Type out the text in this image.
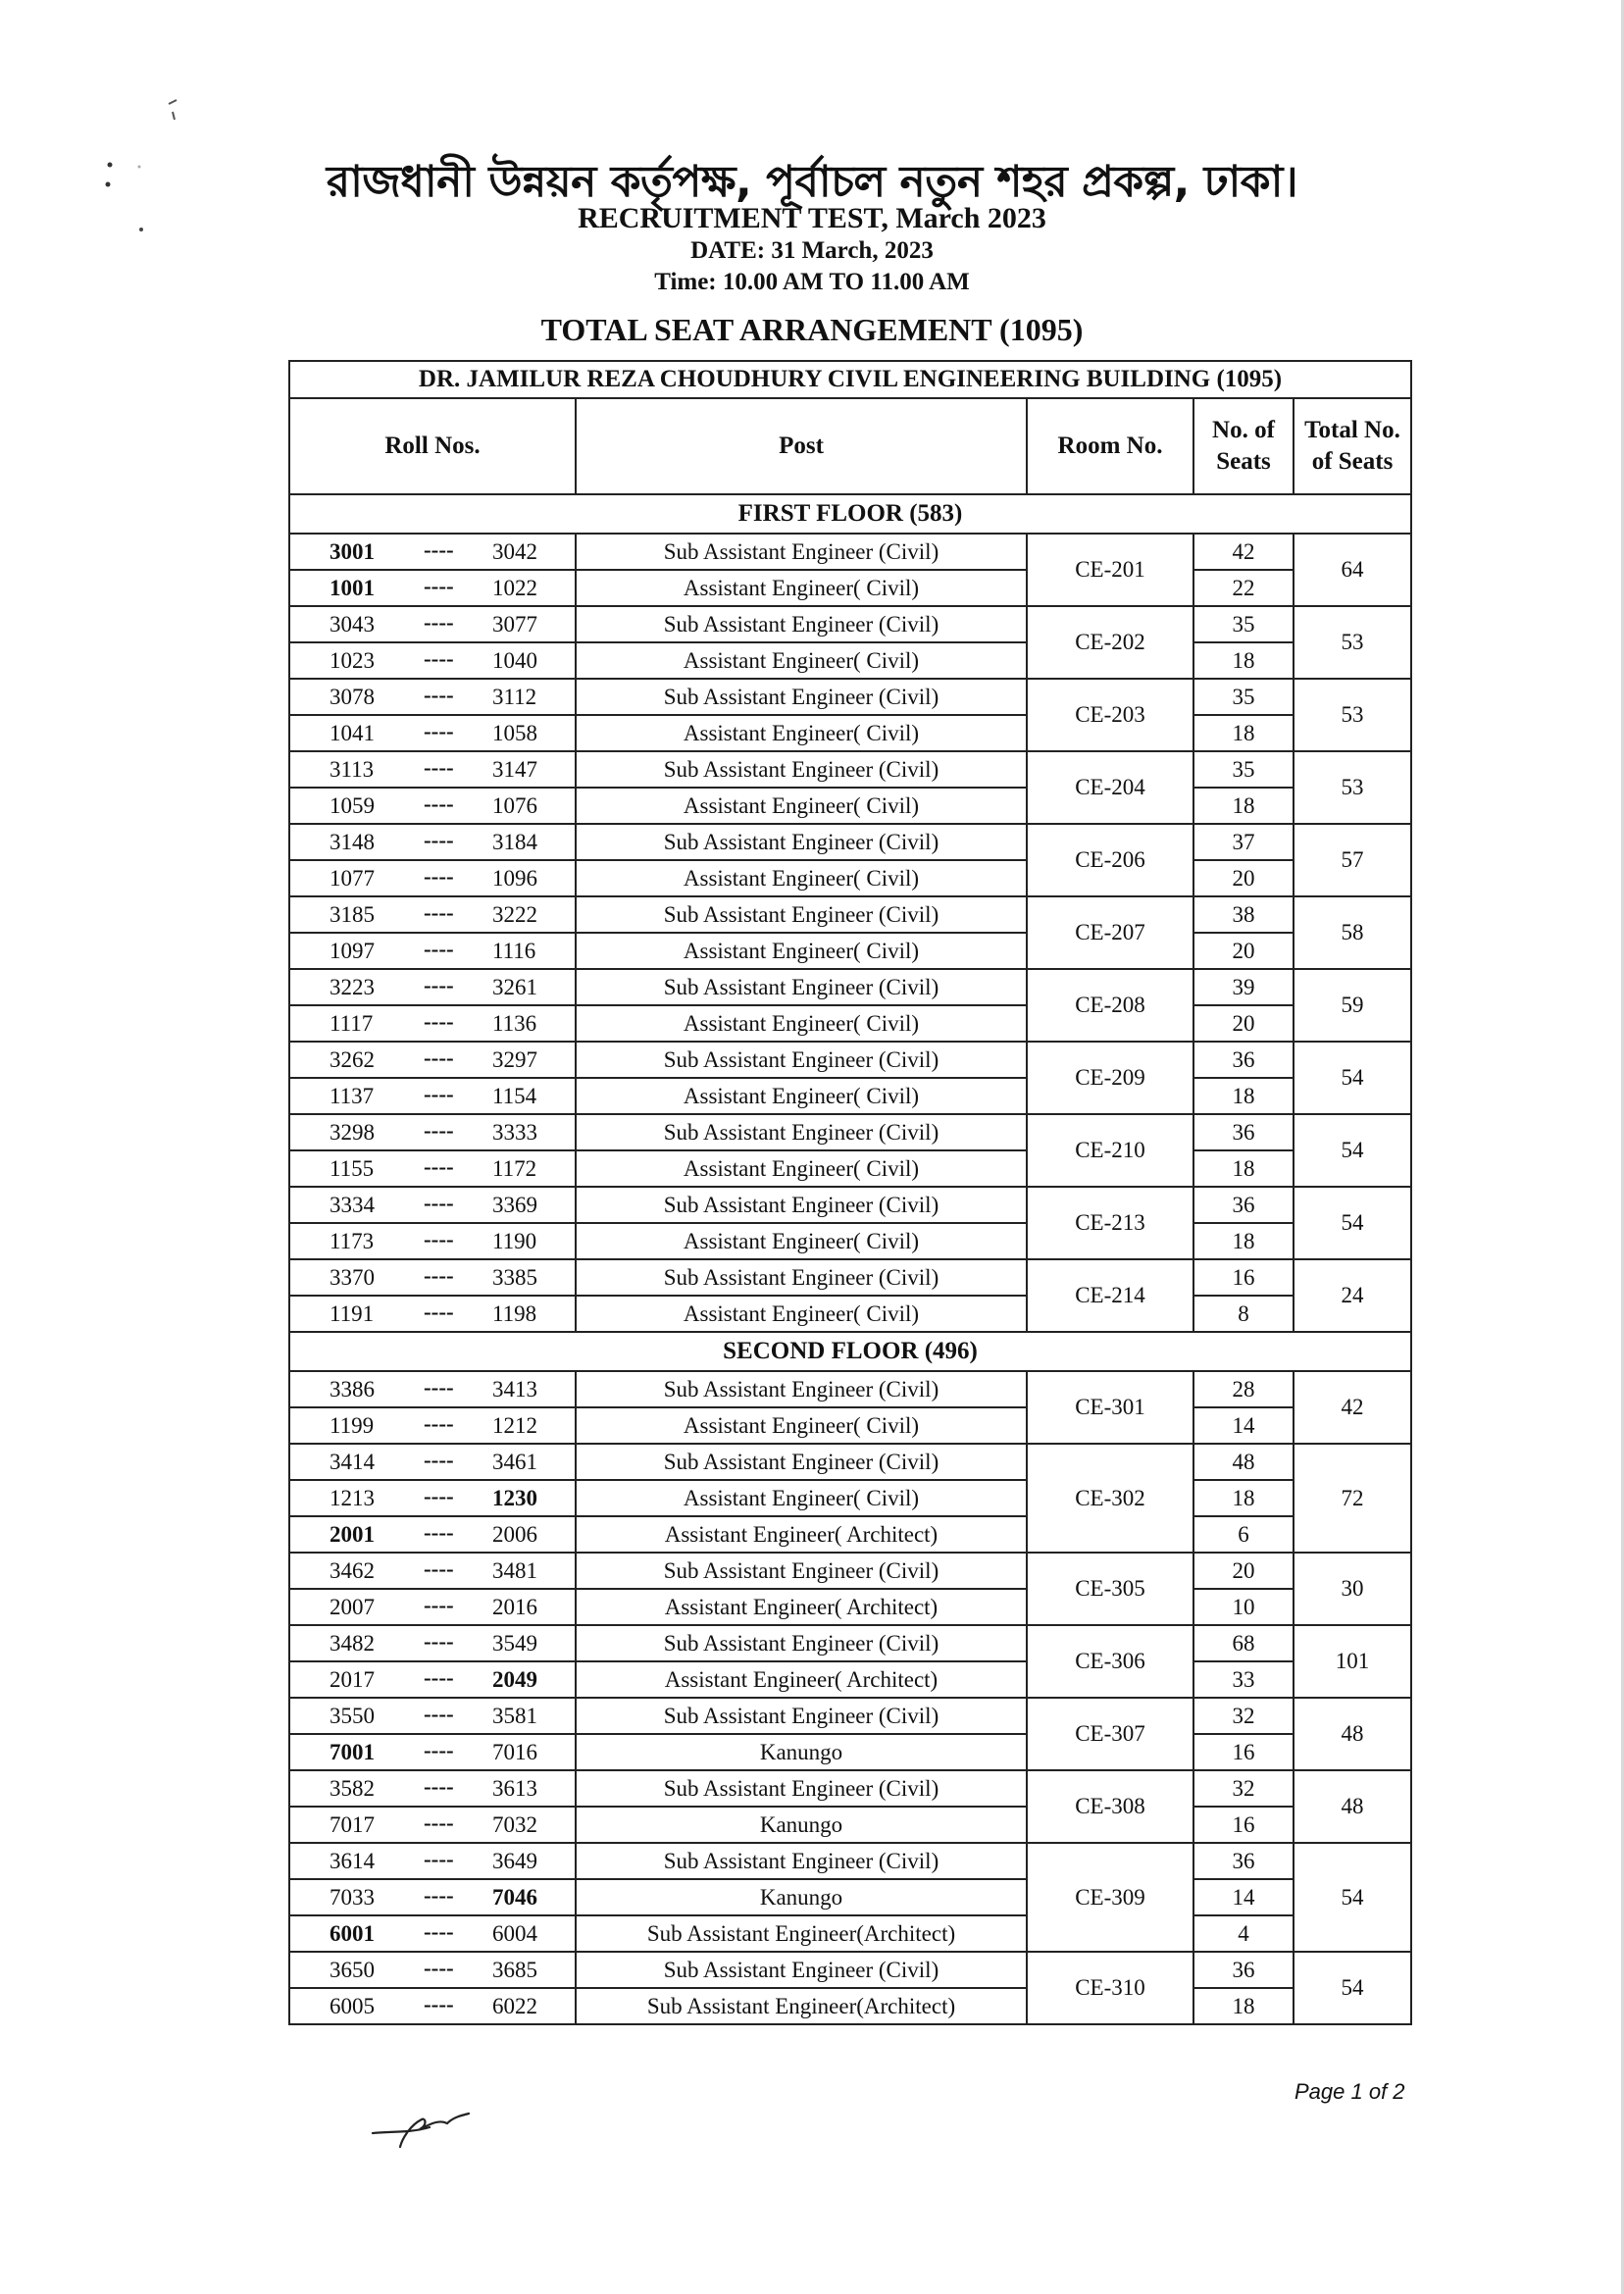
রাজধানী উন্নয়ন কর্তৃপক্ষ, পূর্বাচল নতুন শহর প্রকল্প, ঢাকা।
RECRUITMENT TEST, March 2023
DATE: 31 March, 2023
Time: 10.00 AM TO 11.00 AM
TOTAL SEAT ARRANGEMENT (1095)
DR. JAMILUR REZA CHOUDHURY CIVIL ENGINEERING BUILDING (1095)				
Roll Nos.	Post	Room No.	No. of Seats	Total No. of Seats
FIRST FLOOR (583)				

3001 ---- 3042	Sub Assistant Engineer (Civil)	CE-201	42	64

1001 ---- 1022	Assistant Engineer( Civil)		22	

3043 ---- 3077	Sub Assistant Engineer (Civil)	CE-202	35	53

1023 ---- 1040	Assistant Engineer( Civil)		18	

3078 ---- 3112	Sub Assistant Engineer (Civil)	CE-203	35	53

1041 ---- 1058	Assistant Engineer( Civil)		18	

3113 ---- 3147	Sub Assistant Engineer (Civil)	CE-204	35	53

1059 ---- 1076	Assistant Engineer( Civil)		18	

3148 ---- 3184	Sub Assistant Engineer (Civil)	CE-206	37	57

1077 ---- 1096	Assistant Engineer( Civil)		20	

3185 ---- 3222	Sub Assistant Engineer (Civil)	CE-207	38	58

1097 ---- 1116	Assistant Engineer( Civil)		20	

3223 ---- 3261	Sub Assistant Engineer (Civil)	CE-208	39	59

1117 ---- 1136	Assistant Engineer( Civil)		20	

3262 ---- 3297	Sub Assistant Engineer (Civil)	CE-209	36	54

1137 ---- 1154	Assistant Engineer( Civil)		18	

3298 ---- 3333	Sub Assistant Engineer (Civil)	CE-210	36	54

1155 ---- 1172	Assistant Engineer( Civil)		18	

3334 ---- 3369	Sub Assistant Engineer (Civil)	CE-213	36	54

1173 ---- 1190	Assistant Engineer( Civil)		18	

3370 ---- 3385	Sub Assistant Engineer (Civil)	CE-214	16	24

1191 ---- 1198	Assistant Engineer( Civil)		8	
SECOND FLOOR (496)				

3386 ---- 3413	Sub Assistant Engineer (Civil)	CE-301	28	42

1199 ---- 1212	Assistant Engineer( Civil)		14	

3414 ---- 3461	Sub Assistant Engineer (Civil)	CE-302	48	72

1213 ---- 1230	Assistant Engineer( Civil)		18	

2001 ---- 2006	Assistant Engineer( Architect)		6	

3462 ---- 3481	Sub Assistant Engineer (Civil)	CE-305	20	30

2007 ---- 2016	Assistant Engineer( Architect)		10	

3482 ---- 3549	Sub Assistant Engineer (Civil)	CE-306	68	101

2017 ---- 2049	Assistant Engineer( Architect)		33	

3550 ---- 3581	Sub Assistant Engineer (Civil)	CE-307	32	48

7001 ---- 7016	Kanungo		16	

3582 ---- 3613	Sub Assistant Engineer (Civil)	CE-308	32	48

7017 ---- 7032	Kanungo		16	

3614 ---- 3649	Sub Assistant Engineer (Civil)	CE-309	36	54

7033 ---- 7046	Kanungo		14	

6001 ---- 6004	Sub Assistant Engineer(Architect)		4	

3650 ---- 3685	Sub Assistant Engineer (Civil)	CE-310	36	54

6005 ---- 6022	Sub Assistant Engineer(Architect)		18	
Page 1 of 2
